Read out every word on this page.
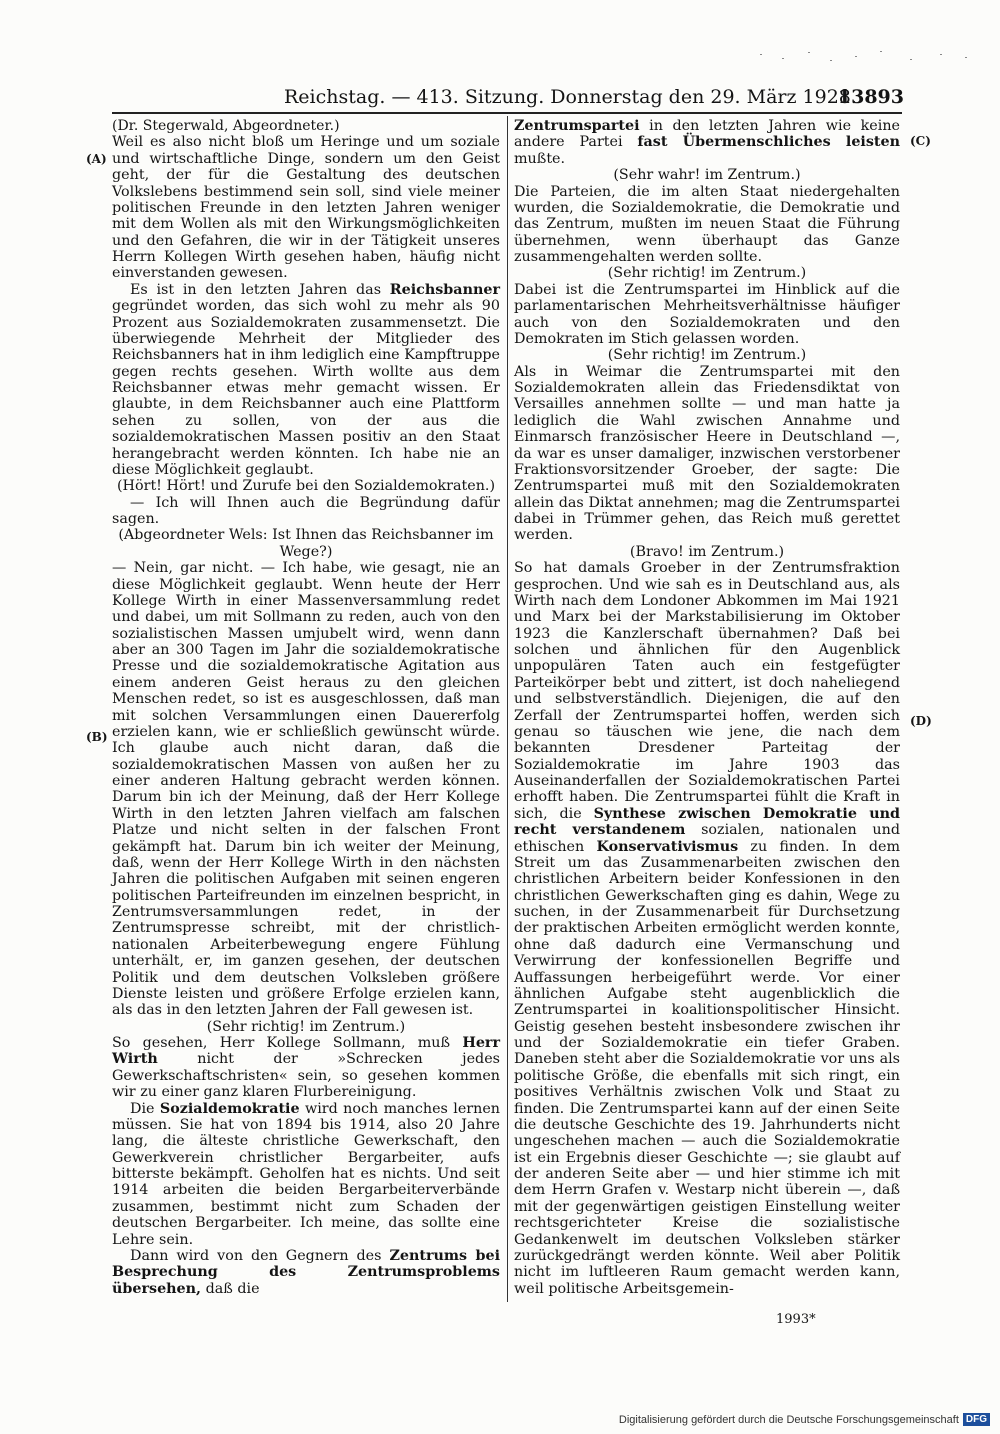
Reichstag. — 413. Sitzung. Donnerstag den 29. März 1928.
13893
(A)
(B)
(C)
(D)

(Dr. Stegerwald, Abgeordneter.)

Weil es also nicht bloß um Heringe und um soziale und wirtschaftliche Dinge, sondern um den Geist geht, der für die Gestaltung des deutschen Volkslebens bestimmend sein soll, sind viele meiner politischen Freunde in den letzten Jahren weniger mit dem Wollen als mit den Wirkungsmöglichkeiten und den Gefahren, die wir in der Tätigkeit unseres Herrn Kollegen Wirth gesehen haben, häufig nicht einverstanden gewesen.

Es ist in den letzten Jahren das Reichsbanner gegründet worden, das sich wohl zu mehr als 90 Prozent aus Sozialdemokraten zusammensetzt. Die überwiegende Mehrheit der Mitglieder des Reichsbanners hat in ihm lediglich eine Kampftruppe gegen rechts gesehen. Wirth wollte aus dem Reichsbanner etwas mehr gemacht wissen. Er glaubte, in dem Reichsbanner auch eine Plattform sehen zu sollen, von der aus die sozialdemokratischen Massen positiv an den Staat herangebracht werden könnten. Ich habe nie an diese Möglichkeit geglaubt.

(Hört! Hört! und Zurufe bei den Sozialdemokraten.)

— Ich will Ihnen auch die Begründung dafür sagen.

(Abgeordneter Wels: Ist Ihnen das Reichsbanner im Wege?)

— Nein, gar nicht. — Ich habe, wie gesagt, nie an diese Möglichkeit geglaubt. Wenn heute der Herr Kollege Wirth in einer Massenversammlung redet und dabei, um mit Sollmann zu reden, auch von den sozialistischen Massen umjubelt wird, wenn dann aber an 300 Tagen im Jahr die sozialdemokratische Presse und die sozialdemokratische Agitation aus einem anderen Geist heraus zu den gleichen Menschen redet, so ist es ausgeschlossen, daß man mit solchen Versammlungen einen Dauererfolg erzielen kann, wie er schließlich gewünscht würde. Ich glaube auch nicht daran, daß die sozialdemokratischen Massen von außen her zu einer anderen Haltung gebracht werden können. Darum bin ich der Meinung, daß der Herr Kollege Wirth in den letzten Jahren vielfach am falschen Platze und nicht selten in der falschen Front gekämpft hat. Darum bin ich weiter der Meinung, daß, wenn der Herr Kollege Wirth in den nächsten Jahren die politischen Aufgaben mit seinen engeren politischen Parteifreunden im einzelnen bespricht, in Zentrumsversammlungen redet, in der Zentrumspresse schreibt, mit der christlich-nationalen Arbeiterbewegung engere Fühlung unterhält, er, im ganzen gesehen, der deutschen Politik und dem deutschen Volksleben größere Dienste leisten und größere Erfolge erzielen kann, als das in den letzten Jahren der Fall gewesen ist.

(Sehr richtig! im Zentrum.)

So gesehen, Herr Kollege Sollmann, muß Herr Wirth	nicht der »Schrecken jedes Gewerkschaftschristen« sein, so gesehen kommen wir zu einer ganz klaren Flurbereinigung.

Die Sozialdemokratie wird noch manches lernen müssen. Sie hat von 1894 bis 1914, also 20 Jahre lang, die älteste christliche Gewerkschaft, den Gewerkverein christlicher Bergarbeiter, aufs bitterste bekämpft. Geholfen hat es nichts. Und seit 1914 arbeiten die beiden Bergarbeiterverbände zusammen, bestimmt nicht zum Schaden der deutschen Bergarbeiter. Ich meine, das sollte eine Lehre sein.

Dann wird von den Gegnern des Zentrums bei Besprechung des Zentrumsproblems übersehen, daß die

Zentrumspartei in den letzten Jahren wie keine andere Partei fast Übermenschliches leisten mußte.

(Sehr wahr! im Zentrum.)

Die Parteien, die im alten Staat niedergehalten wurden, die Sozialdemokratie, die Demokratie und das Zentrum, mußten im neuen Staat die Führung übernehmen, wenn überhaupt das Ganze zusammengehalten werden sollte.

(Sehr richtig! im Zentrum.)

Dabei ist die Zentrumspartei im Hinblick auf die parlamentarischen Mehrheitsverhältnisse häufiger auch von den Sozialdemokraten und den Demokraten im Stich gelassen worden.

(Sehr richtig! im Zentrum.)

Als in Weimar die Zentrumspartei mit den Sozialdemokraten allein das Friedensdiktat von Versailles annehmen sollte — und man hatte ja lediglich die Wahl zwischen Annahme und Einmarsch französischer Heere in Deutschland —, da war es unser damaliger, inzwischen verstorbener Fraktionsvorsitzender Groeber, der sagte: Die Zentrumspartei muß mit den Sozialdemokraten allein das Diktat annehmen; mag die Zentrumspartei dabei in Trümmer gehen, das Reich muß gerettet werden.

(Bravo! im Zentrum.)

So hat damals Groeber in der Zentrumsfraktion gesprochen. Und wie sah es in Deutschland aus, als Wirth nach dem Londoner Abkommen im Mai 1921 und Marx bei der Markstabilisierung im Oktober 1923 die Kanzlerschaft übernahmen? Daß bei solchen und ähnlichen für den Augenblick unpopulären Taten auch ein festgefügter Parteikörper bebt und zittert, ist doch naheliegend und selbstverständlich. Diejenigen, die auf den Zerfall der Zentrumspartei hoffen, werden sich genau so täuschen wie jene, die nach dem bekannten Dresdener Parteitag der Sozialdemokratie im Jahre 1903 das Auseinanderfallen der Sozialdemokratischen Partei erhofft haben. Die Zentrumspartei fühlt die Kraft in sich, die Synthese zwischen Demokratie und recht verstandenem sozialen, nationalen und ethischen Konservativismus zu finden. In dem Streit um das Zusammenarbeiten zwischen den christlichen Arbeitern beider Konfessionen in den christlichen Gewerkschaften ging es dahin, Wege zu suchen, in der Zusammenarbeit für Durchsetzung der praktischen Arbeiten ermöglicht werden konnte, ohne daß dadurch eine Vermanschung und Verwirrung der konfessionellen Begriffe und Auffassungen herbeigeführt werde. Vor einer ähnlichen Aufgabe steht augenblicklich die Zentrumspartei in koalitionspolitischer Hinsicht. Geistig gesehen besteht insbesondere zwischen ihr und der Sozialdemokratie ein tiefer Graben. Daneben steht aber die Sozialdemokratie vor uns als politische Größe, die ebenfalls mit sich ringt, ein positives Verhältnis zwischen Volk und Staat zu finden. Die Zentrumspartei kann auf der einen Seite die deutsche Geschichte des 19. Jahrhunderts nicht ungeschehen machen — auch die Sozialdemokratie ist ein Ergebnis dieser Geschichte —; sie glaubt auf der anderen Seite aber — und hier stimme ich mit dem Herrn Grafen v. Westarp nicht überein —, daß mit der gegenwärtigen geistigen Einstellung weiter rechtsgerichteter Kreise die sozialistische Gedankenwelt im deutschen Volksleben stärker zurückgedrängt werden könnte. Weil aber Politik nicht im luftleeren Raum gemacht werden kann, weil politische Arbeitsgemein-

1993*
Digitalisierung gefördert durch die Deutsche Forschungsgemeinschaft DFG
